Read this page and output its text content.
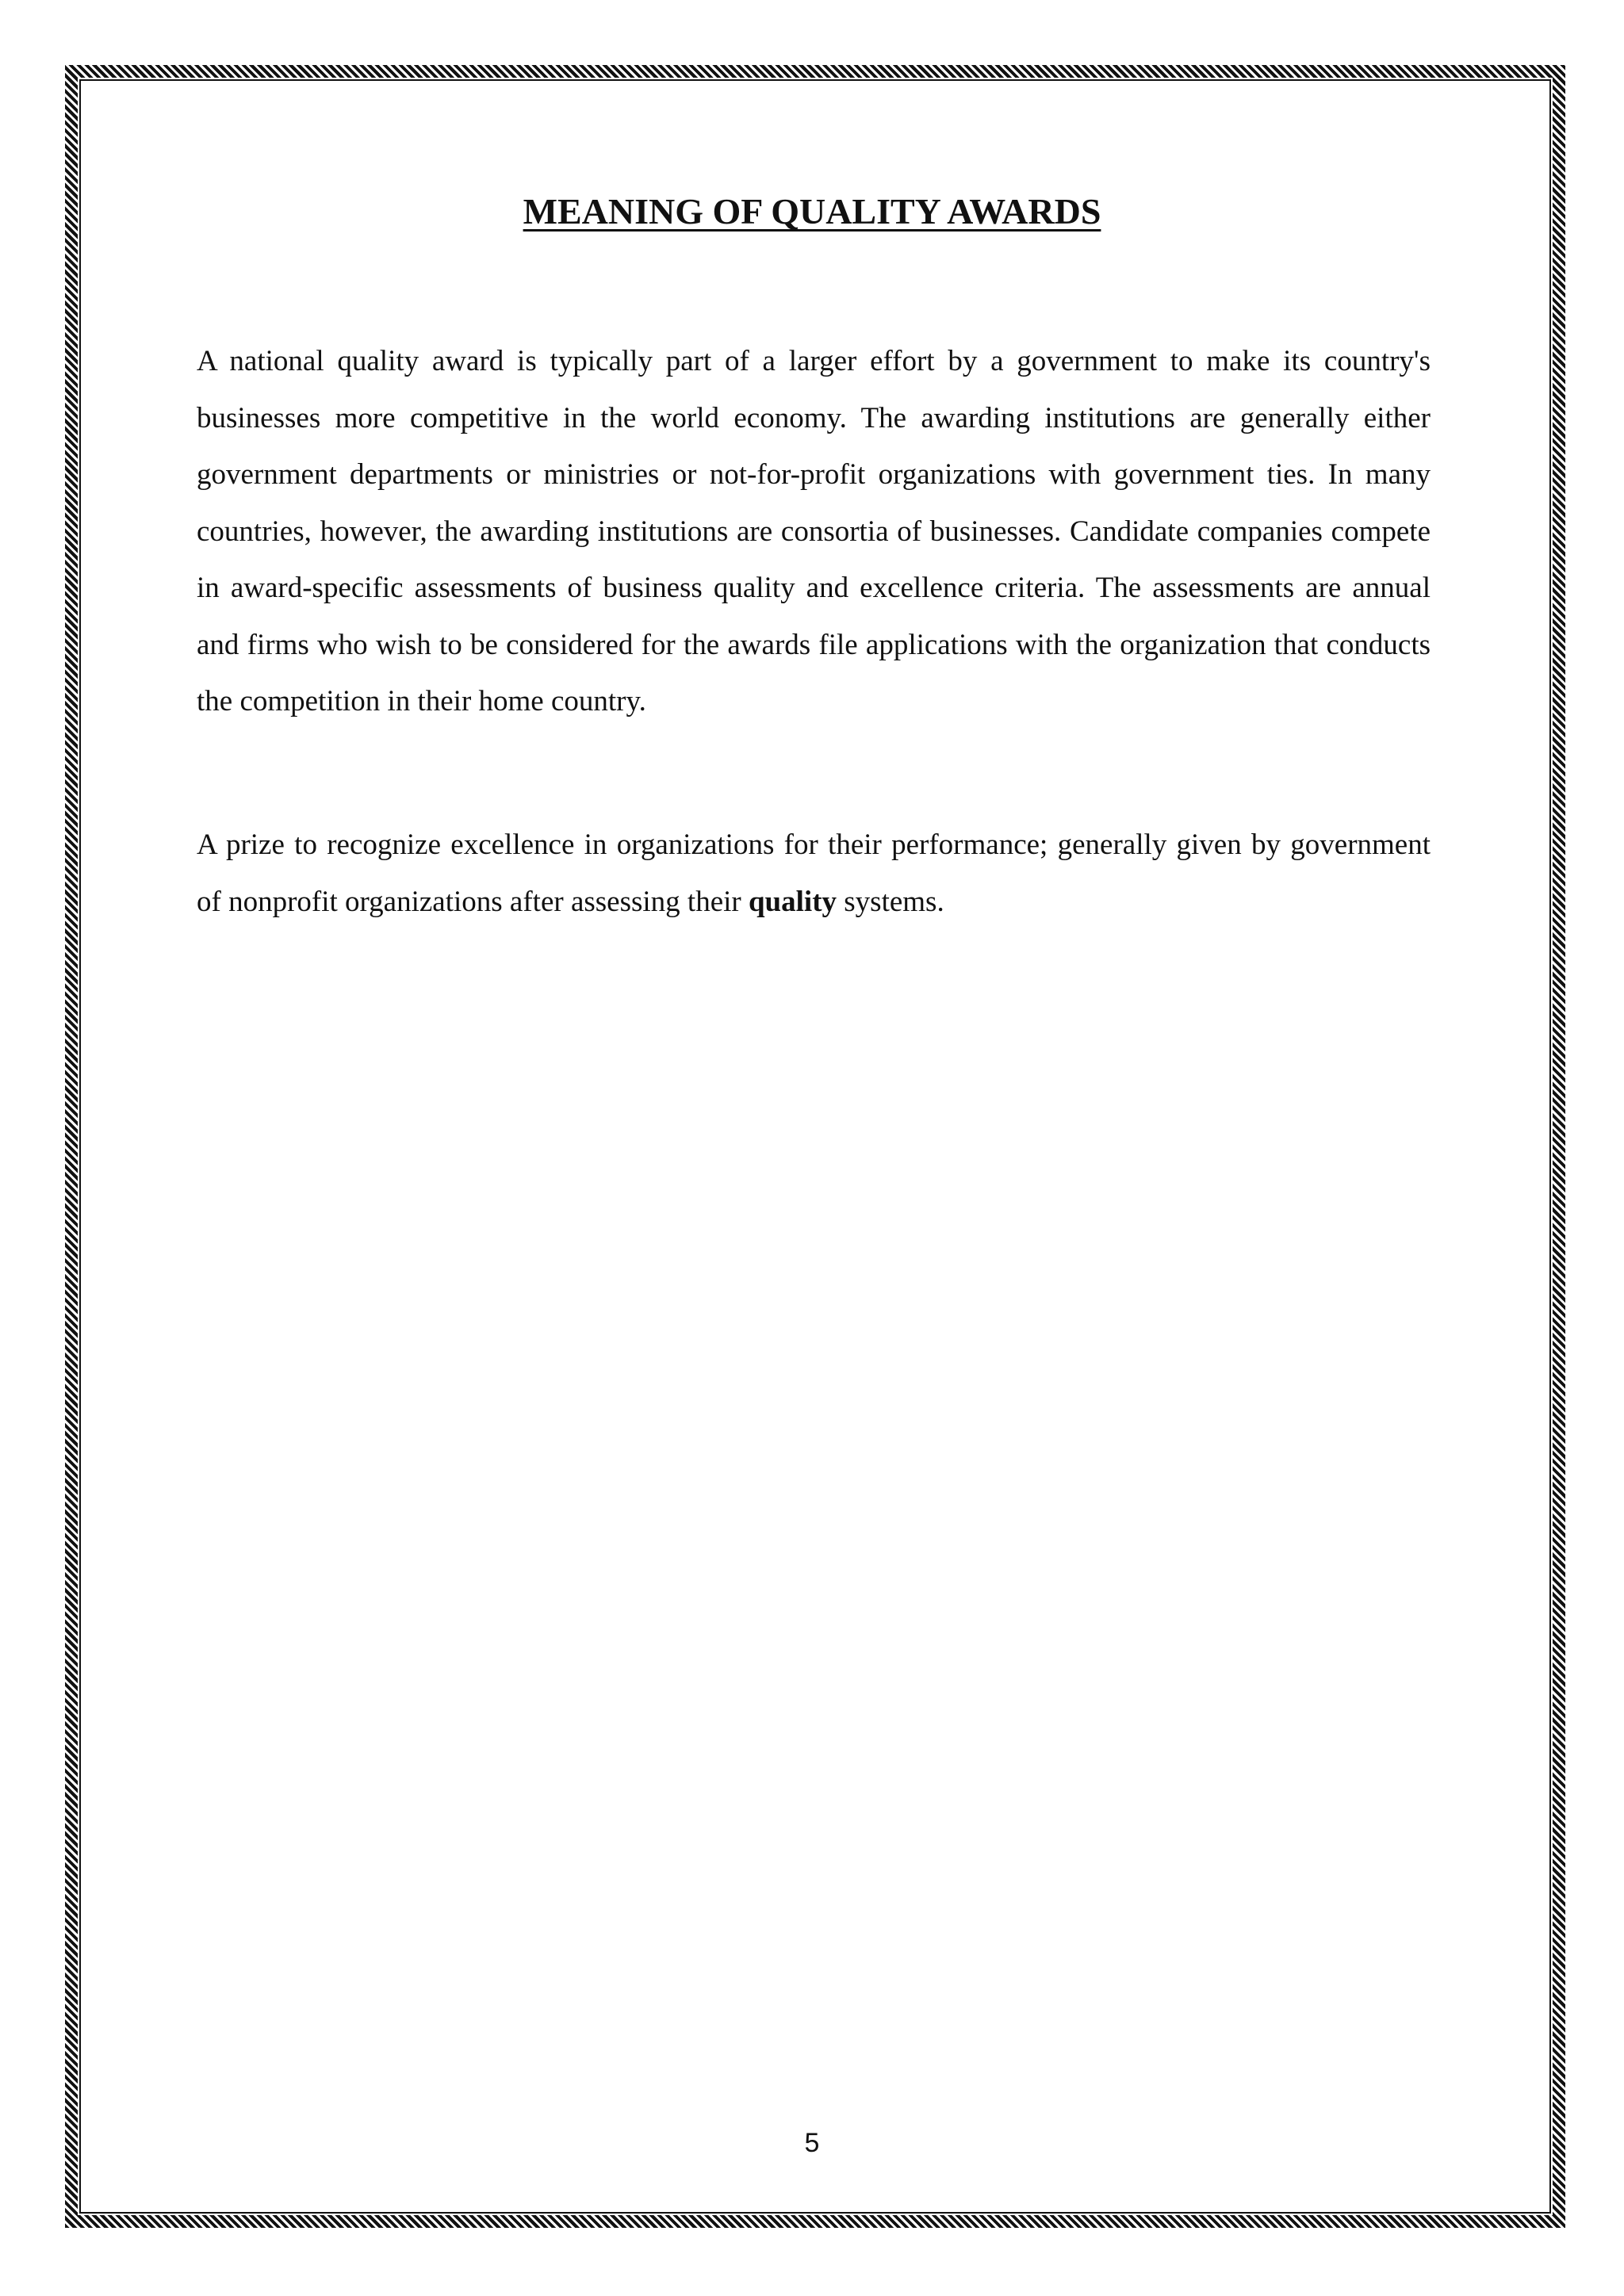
MEANING OF QUALITY AWARDS

A national quality award is typically part of a larger effort by a government to make its country's businesses more competitive in the world economy. The awarding institutions are generally either government departments or ministries or not-for-profit organizations with government ties. In many countries, however, the awarding institutions are consortia of businesses. Candidate companies compete in award-specific assessments of business quality and excellence criteria. The assessments are annual and firms who wish to be considered for the awards file applications with the organization that conducts the competition in their home country.

A prize to recognize excellence in organizations for their performance; generally given by government of nonprofit organizations after assessing their quality systems.

5
